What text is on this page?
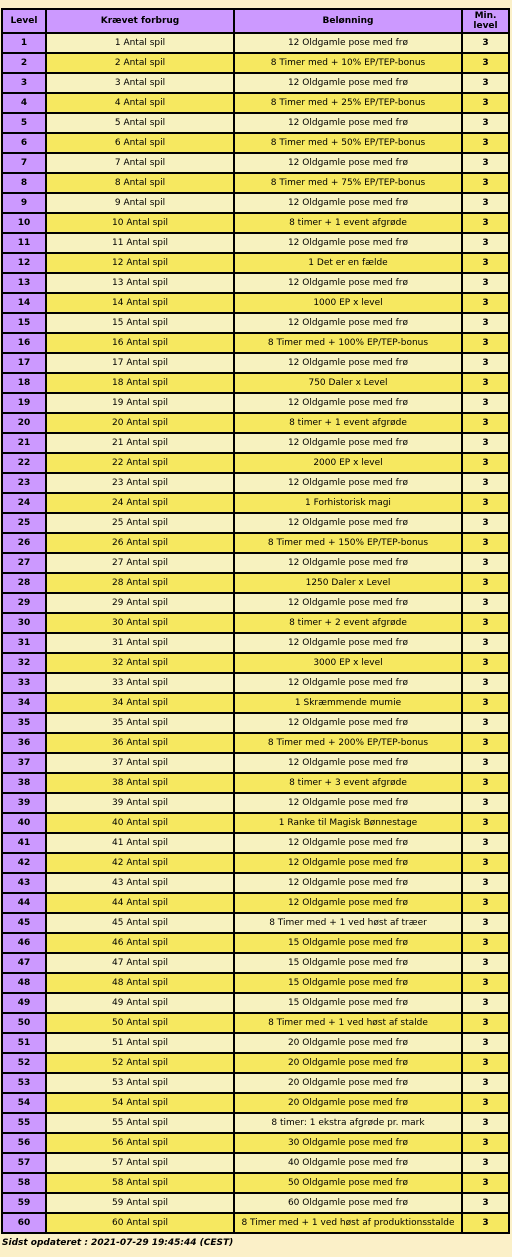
Level	Krævet forbrug	Belønning	Min.
level
1	1 Antal spil	12 Oldgamle pose med frø	3
2	2 Antal spil	8 Timer med + 10% EP/TEP-bonus	3
3	3 Antal spil	12 Oldgamle pose med frø	3
4	4 Antal spil	8 Timer med + 25% EP/TEP-bonus	3
5	5 Antal spil	12 Oldgamle pose med frø	3
6	6 Antal spil	8 Timer med + 50% EP/TEP-bonus	3
7	7 Antal spil	12 Oldgamle pose med frø	3
8	8 Antal spil	8 Timer med + 75% EP/TEP-bonus	3
9	9 Antal spil	12 Oldgamle pose med frø	3
10	10 Antal spil	8 timer + 1 event afgrøde	3
11	11 Antal spil	12 Oldgamle pose med frø	3
12	12 Antal spil	1 Det er en fælde	3
13	13 Antal spil	12 Oldgamle pose med frø	3
14	14 Antal spil	1000 EP x level	3
15	15 Antal spil	12 Oldgamle pose med frø	3
16	16 Antal spil	8 Timer med + 100% EP/TEP-bonus	3
17	17 Antal spil	12 Oldgamle pose med frø	3
18	18 Antal spil	750 Daler x Level	3
19	19 Antal spil	12 Oldgamle pose med frø	3
20	20 Antal spil	8 timer + 1 event afgrøde	3
21	21 Antal spil	12 Oldgamle pose med frø	3
22	22 Antal spil	2000 EP x level	3
23	23 Antal spil	12 Oldgamle pose med frø	3
24	24 Antal spil	1 Forhistorisk magi	3
25	25 Antal spil	12 Oldgamle pose med frø	3
26	26 Antal spil	8 Timer med + 150% EP/TEP-bonus	3
27	27 Antal spil	12 Oldgamle pose med frø	3
28	28 Antal spil	1250 Daler x Level	3
29	29 Antal spil	12 Oldgamle pose med frø	3
30	30 Antal spil	8 timer + 2 event afgrøde	3
31	31 Antal spil	12 Oldgamle pose med frø	3
32	32 Antal spil	3000 EP x level	3
33	33 Antal spil	12 Oldgamle pose med frø	3
34	34 Antal spil	1 Skræmmende mumie	3
35	35 Antal spil	12 Oldgamle pose med frø	3
36	36 Antal spil	8 Timer med + 200% EP/TEP-bonus	3
37	37 Antal spil	12 Oldgamle pose med frø	3
38	38 Antal spil	8 timer + 3 event afgrøde	3
39	39 Antal spil	12 Oldgamle pose med frø	3
40	40 Antal spil	1 Ranke til Magisk Bønnestage	3
41	41 Antal spil	12 Oldgamle pose med frø	3
42	42 Antal spil	12 Oldgamle pose med frø	3
43	43 Antal spil	12 Oldgamle pose med frø	3
44	44 Antal spil	12 Oldgamle pose med frø	3
45	45 Antal spil	8 Timer med + 1 ved høst af træer	3
46	46 Antal spil	15 Oldgamle pose med frø	3
47	47 Antal spil	15 Oldgamle pose med frø	3
48	48 Antal spil	15 Oldgamle pose med frø	3
49	49 Antal spil	15 Oldgamle pose med frø	3
50	50 Antal spil	8 Timer med + 1 ved høst af stalde	3
51	51 Antal spil	20 Oldgamle pose med frø	3
52	52 Antal spil	20 Oldgamle pose med frø	3
53	53 Antal spil	20 Oldgamle pose med frø	3
54	54 Antal spil	20 Oldgamle pose med frø	3
55	55 Antal spil	8 timer: 1 ekstra afgrøde pr. mark	3
56	56 Antal spil	30 Oldgamle pose med frø	3
57	57 Antal spil	40 Oldgamle pose med frø	3
58	58 Antal spil	50 Oldgamle pose med frø	3
59	59 Antal spil	60 Oldgamle pose med frø	3
60	60 Antal spil	8 Timer med + 1 ved høst af produktionsstalde	3
Sidst opdateret : 2021-07-29 19:45:44 (CEST)
